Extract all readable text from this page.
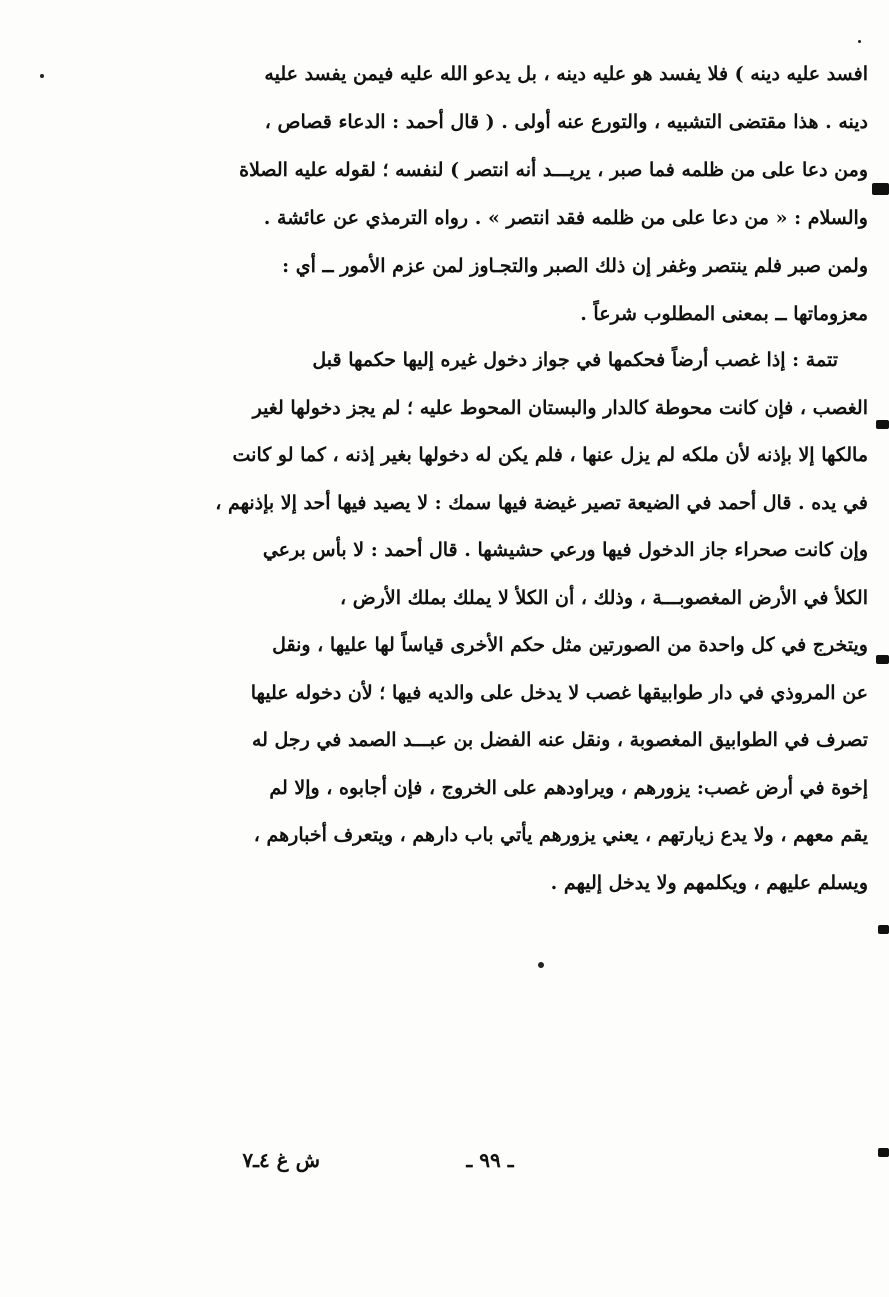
افسد عليه دينه ) فلا يفسد هو عليه دينه ، بل يدعو الله عليه فيمن يفسد عليه
دينه . هذا مقتضى التشبيه ، والتورع عنه أولى . ( قال أحمد : الدعاء قصاص ،
ومن دعا على من ظلمه فما صبر ، يريـــد أنه انتصر ) لنفسه ؛ لقوله عليه الصلاة
والسلام : « من دعا على من ظلمه فقد انتصر » . رواه الترمذي عن عائشة .
ولمن صبر فلم ينتصر وغفر إن ذلك الصبر والتجـاوز لمن عزم الأمور ــ أي :
معزوماتها ــ بمعنى المطلوب شرعاً .
تتمة : إذا غصب أرضاً فحكمها في جواز دخول غيره إليها حكمها قبل
الغصب ، فإن كانت محوطة كالدار والبستان المحوط عليه ؛ لم يجز دخولها لغير
مالكها إلا بإذنه لأن ملكه لم يزل عنها ، فلم يكن له دخولها بغير إذنه ، كما لو كانت
في يده . قال أحمد في الضيعة تصير غيضة فيها سمك : لا يصيد فيها أحد إلا بإذنهم ،
وإن كانت صحراء جاز الدخول فيها ورعي حشيشها . قال أحمد : لا بأس برعي
الكلأ في الأرض المغصوبـــة ، وذلك ، أن الكلأ لا يملك بملك الأرض ،
ويتخرج في كل واحدة من الصورتين مثل حكم الأخرى قياساً لها عليها ، ونقل
عن المروذي في دار طوابيقها غصب لا يدخل على والديه فيها ؛ لأن دخوله عليها
تصرف في الطوابيق المغصوبة ، ونقل عنه الفضل بن عبـــد الصمد في رجل له
إخوة في أرض غصب: يزورهم ، ويراودهم على الخروج ، فإن أجابوه ، وإلا لم
يقم معهم ، ولا يدع زيارتهم ، يعني يزورهم يأتي باب دارهم ، ويتعرف أخبارهم ،
ويسلم عليهم ، ويكلمهم ولا يدخل إليهم .
ـ ٩٩ ـ
ش غ ٤ـ٧
